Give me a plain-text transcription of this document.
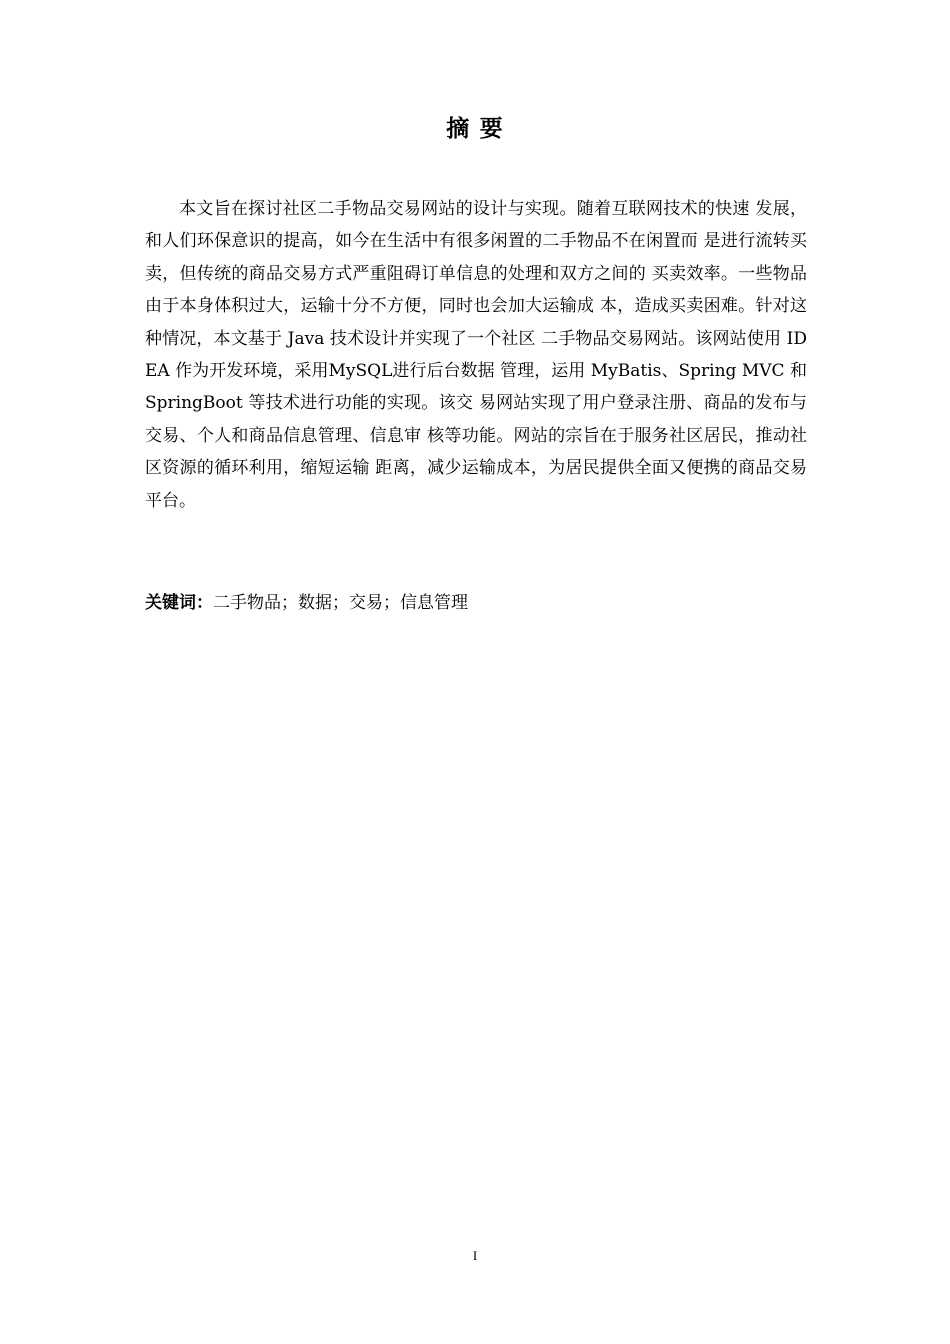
摘 要

本文旨在探讨社区二手物品交易网站的设计与实现。随着互联网技术的快速 发展，和人们环保意识的提高，如今在生活中有很多闲置的二手物品不在闲置而 是进行流转买卖，但传统的商品交易方式严重阻碍订单信息的处理和双方之间的 买卖效率。一些物品由于本身体积过大，运输十分不方便，同时也会加大运输成 本，造成买卖困难。针对这种情况，本文基于 Java 技术设计并实现了一个社区 二手物品交易网站。该网站使用 IDEA 作为开发环境，采用MySQL进行后台数据 管理，运用 MyBatis、Spring MVC 和 SpringBoot 等技术进行功能的实现。该交 易网站实现了用户登录注册、商品的发布与交易、个人和商品信息管理、信息审 核等功能。网站的宗旨在于服务社区居民，推动社区资源的循环利用，缩短运输 距离，减少运输成本，为居民提供全面又便携的商品交易平台。

关键词：二手物品；数据；交易；信息管理

I
